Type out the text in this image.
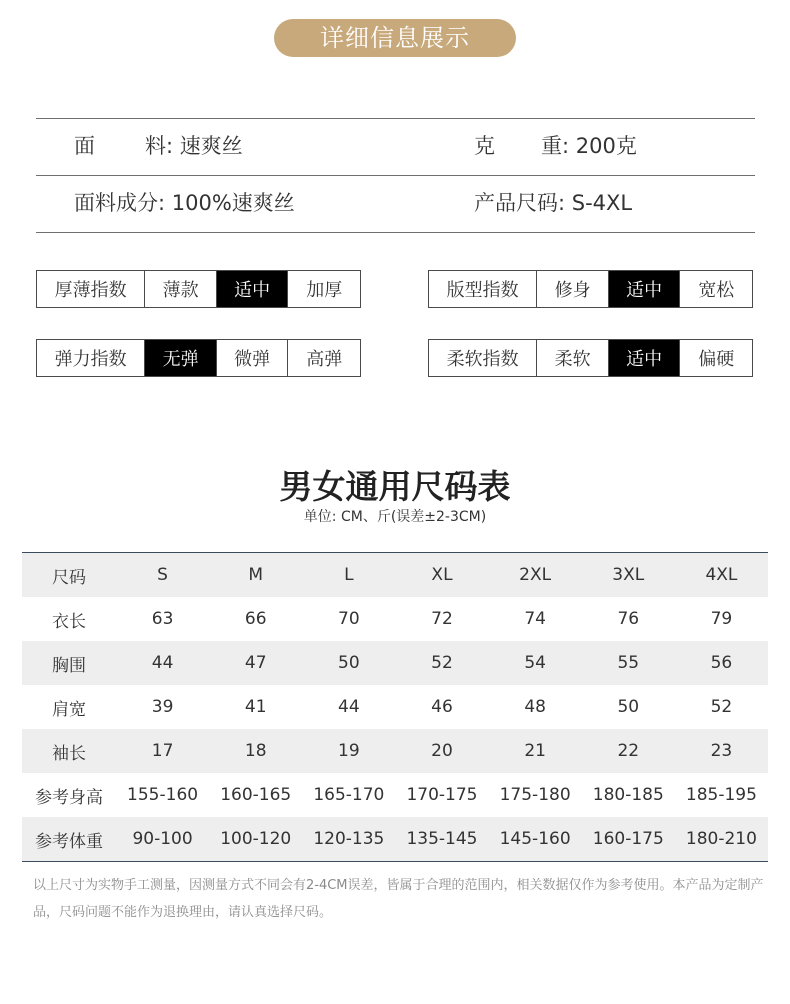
详细信息展示
面 料: 速爽丝	克 重: 200克
面料成分: 100%速爽丝	产品尺码: S-4XL
厚薄指数	薄款	适中	加厚	版型指数	修身	适中	宽松
弹力指数	无弹	微弹	高弹	柔软指数	柔软	适中	偏硬
男女通用尺码表
单位: CM、斤(误差±2-3CM)
尺码	S	M	L	XL	2XL	3XL	4XL
衣长	63	66	70	72	74	76	79
胸围	44	47	50	52	54	55	56
肩宽	39	41	44	46	48	50	52
袖长	17	18	19	20	21	22	23
参考身高	155-160	160-165	165-170	170-175	175-180	180-185	185-195
参考体重	90-100	100-120	120-135	135-145	145-160	160-175	180-210
以上尺寸为实物手工测量，因测量方式不同会有2-4CM误差，皆属于合理的范围内，相关数据仅作为参考使用。本产品为定制产品，尺码问题不能作为退换理由，请认真选择尺码。
